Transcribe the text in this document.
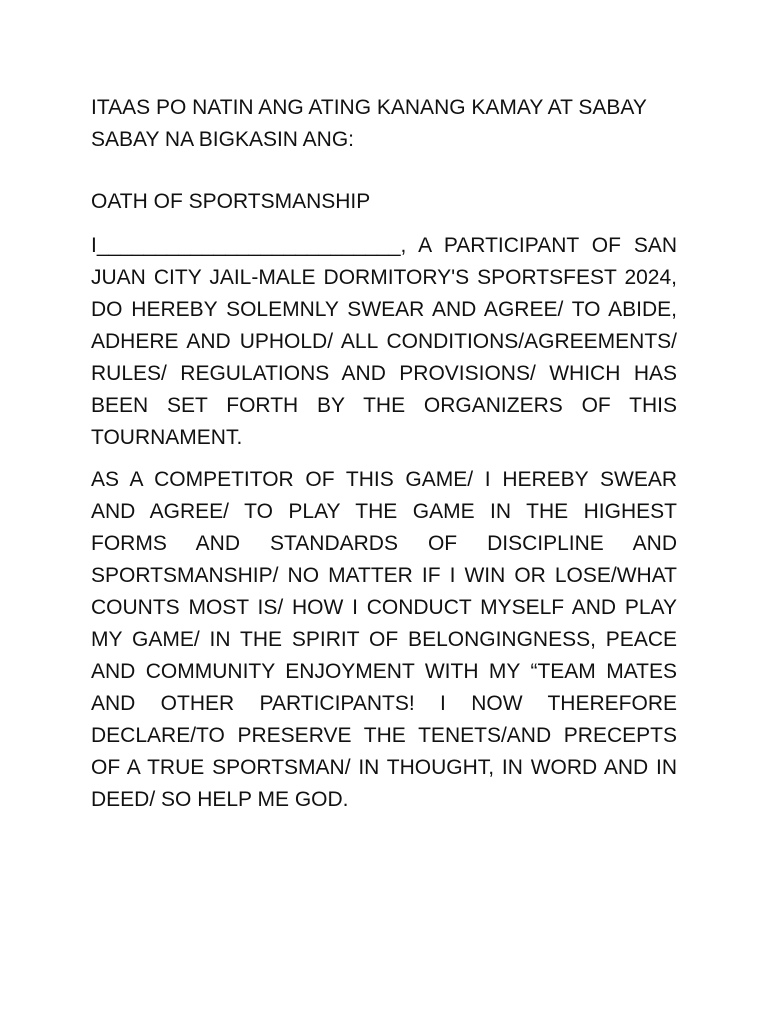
ITAAS PO NATIN ANG ATING KANANG KAMAY AT SABAY SABAY NA BIGKASIN ANG:

OATH OF SPORTSMANSHIP

I__________________________, A PARTICIPANT OF SAN JUAN CITY JAIL-MALE DORMITORY'S SPORTSFEST 2024, DO HEREBY SOLEMNLY SWEAR AND AGREE/ TO ABIDE, ADHERE AND UPHOLD/ ALL CONDITIONS/AGREEMENTS/ RULES/ REGULATIONS AND PROVISIONS/ WHICH HAS BEEN SET FORTH BY THE ORGANIZERS OF THIS TOURNAMENT.

AS A COMPETITOR OF THIS GAME/ I HEREBY SWEAR AND AGREE/ TO PLAY THE GAME IN THE HIGHEST FORMS AND STANDARDS OF DISCIPLINE AND SPORTSMANSHIP/ NO MATTER IF I WIN OR LOSE/WHAT COUNTS MOST IS/ HOW I CONDUCT MYSELF AND PLAY MY GAME/ IN THE SPIRIT OF BELONGINGNESS, PEACE AND COMMUNITY ENJOYMENT WITH MY “TEAM MATES AND OTHER PARTICIPANTS! I NOW THEREFORE DECLARE/TO PRESERVE THE TENETS/AND PRECEPTS OF A TRUE SPORTSMAN/ IN THOUGHT, IN WORD AND IN DEED/ SO HELP ME GOD.
